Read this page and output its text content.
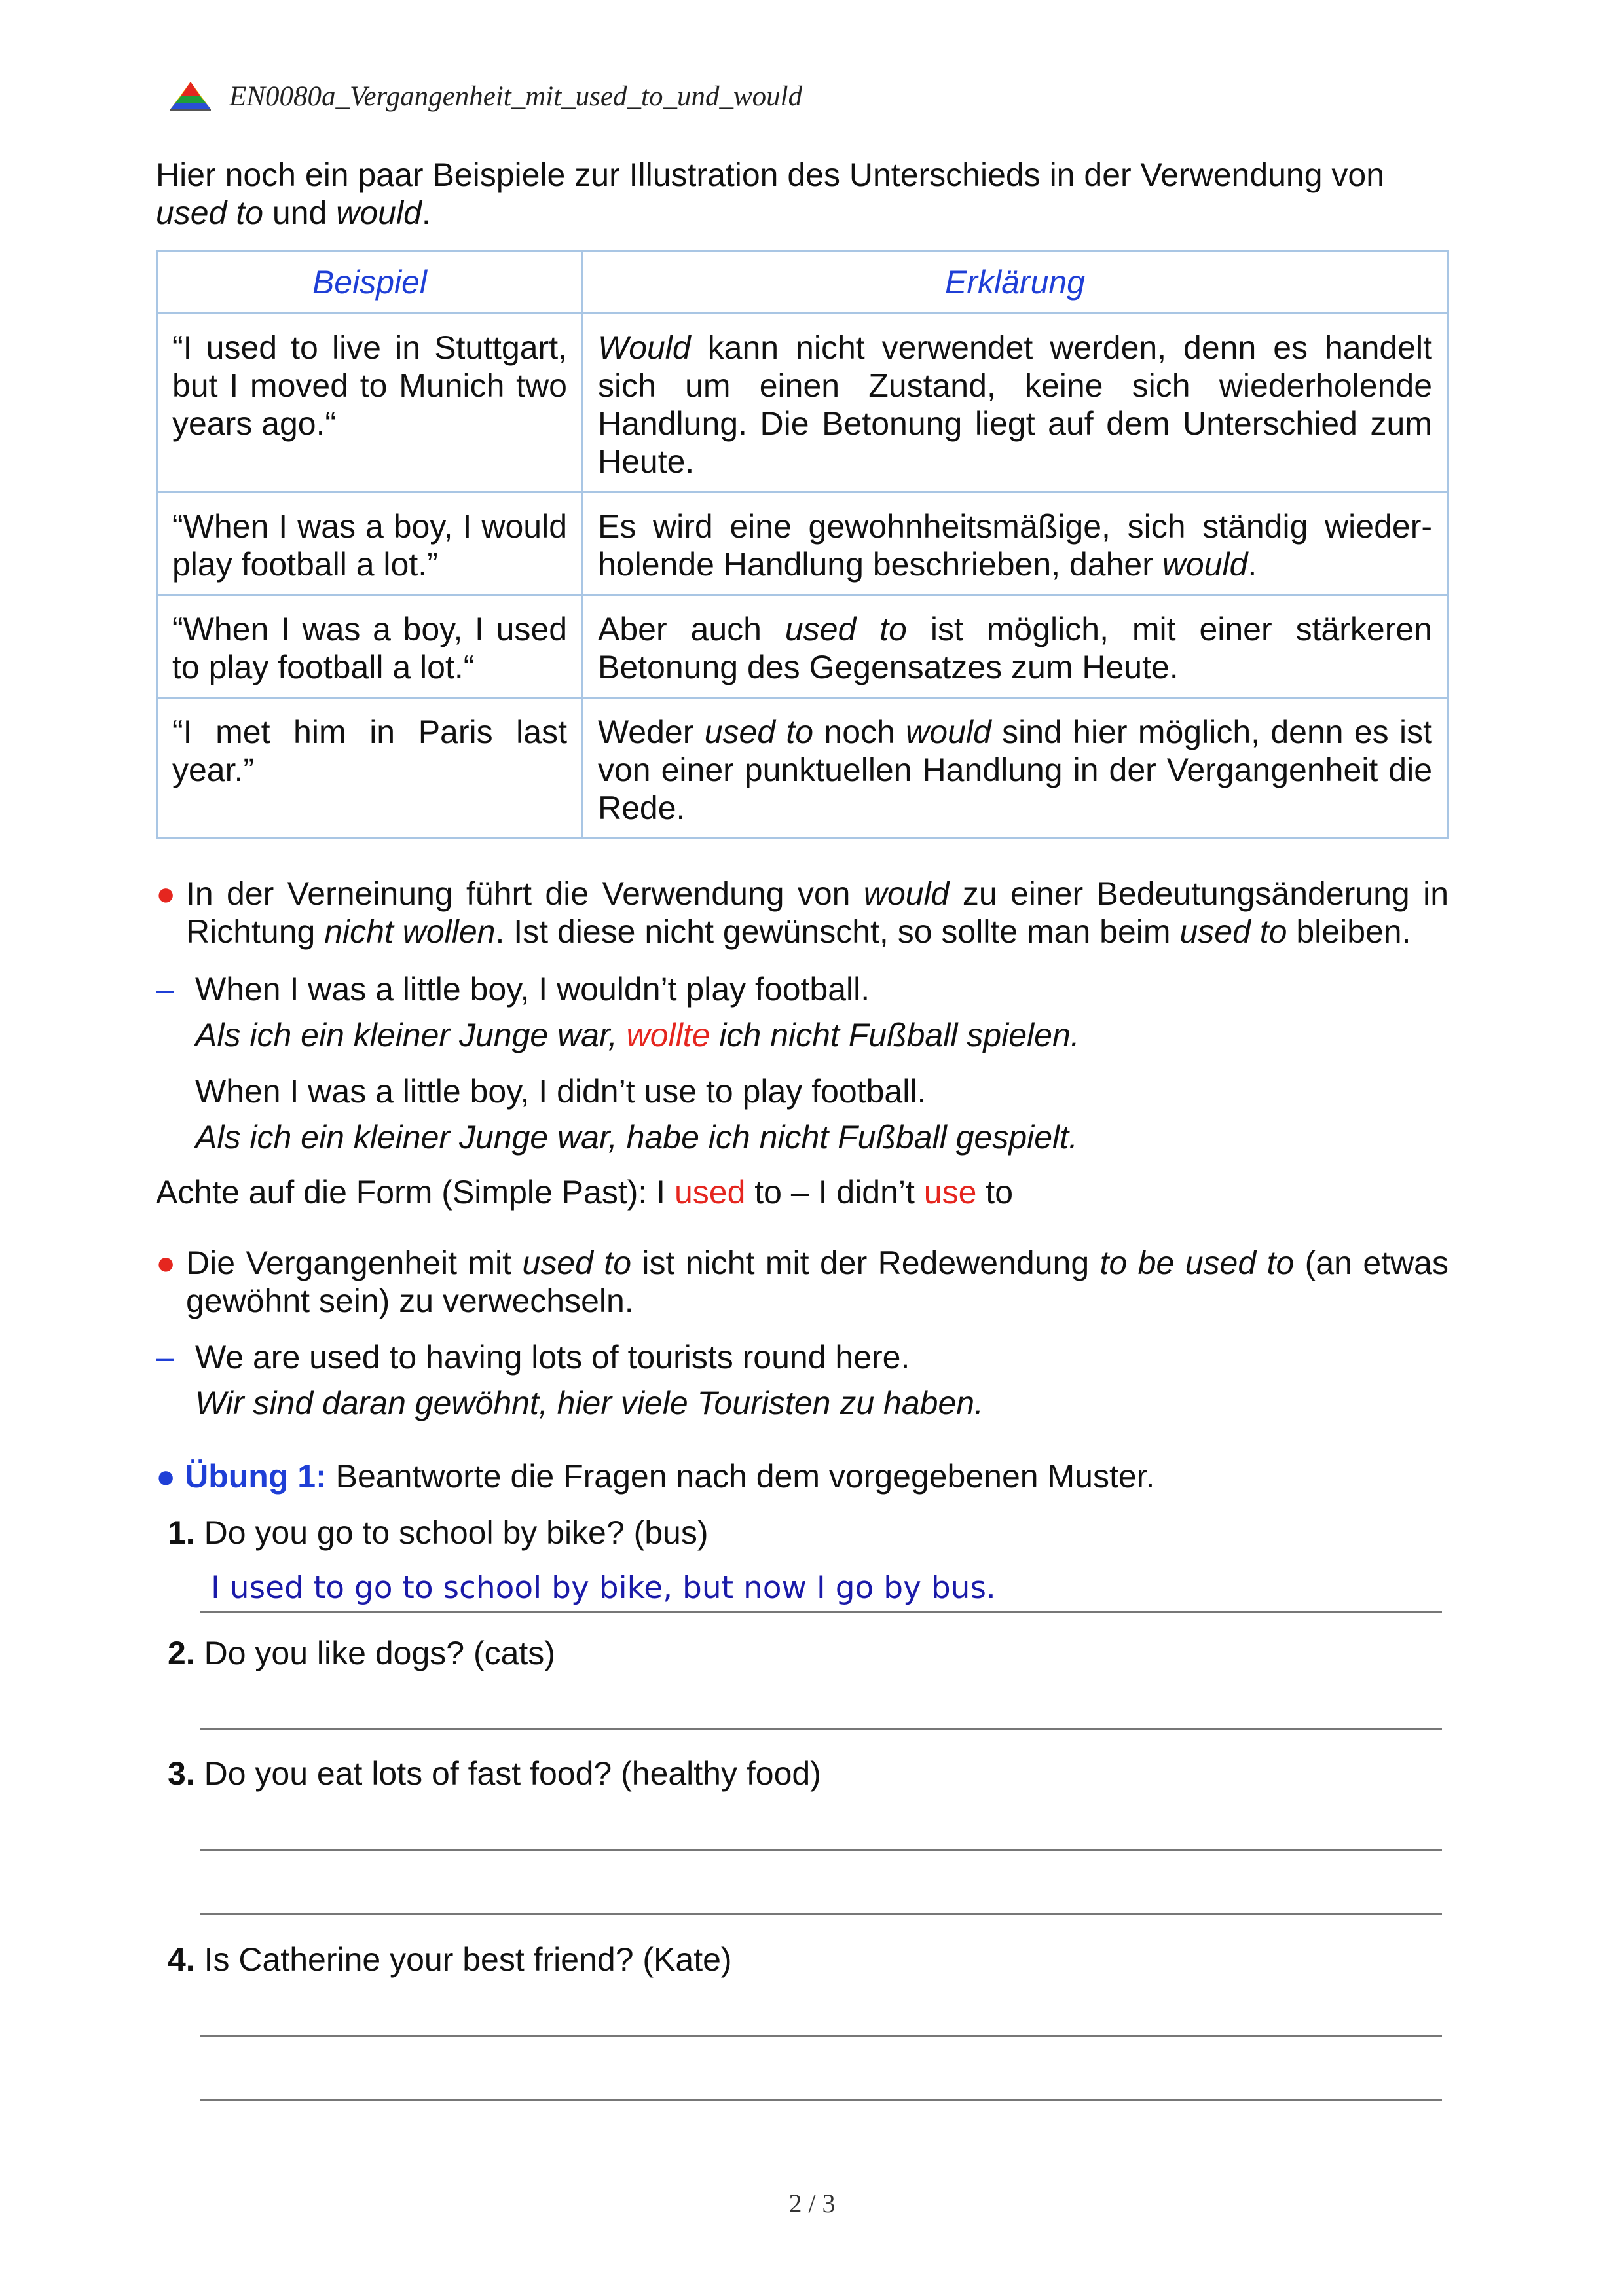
EN0080a_Vergangenheit_mit_used_to_und_would
Hier noch ein paar Beispiele zur Illustration des Unterschieds in der Verwendung von
used to und would.
Beispiel	Erklärung
“I used to live in Stuttgart, but I moved to Munich two years ago.“	Would kann nicht verwendet werden, denn es handelt sich um einen Zustand, keine sich wiederholende Handlung. Die Betonung liegt auf dem Unterschied zum Heute.
“When I was a boy, I would play football a lot.”	Es wird eine gewohnheitsmäßige, sich ständig wieder-holende Handlung beschrieben, daher would.
“When I was a boy, I used to play football a lot.“	Aber auch used to ist möglich, mit einer stärkeren Betonung des Gegensatzes zum Heute.
“I met him in Paris last year.”	Weder used to noch would sind hier möglich, denn es ist von einer punktuellen Handlung in der Vergangenheit die Rede.
● In der Verneinung führt die Verwendung von would zu einer Bedeutungsänderung in Richtung nicht wollen. Ist diese nicht gewünscht, so sollte man beim used to bleiben.
– When I was a little boy, I wouldn’t play football.
Als ich ein kleiner Junge war, wollte ich nicht Fußball spielen.
When I was a little boy, I didn’t use to play football.
Als ich ein kleiner Junge war, habe ich nicht Fußball gespielt.
Achte auf die Form (Simple Past): I used to – I didn’t use to
● Die Vergangenheit mit used to ist nicht mit der Redewendung to be used to (an etwas gewöhnt sein) zu verwechseln.
– We are used to having lots of tourists round here.
Wir sind daran gewöhnt, hier viele Touristen zu haben.
● Übung 1: Beantworte die Fragen nach dem vorgegebenen Muster.
1. Do you go to school by bike? (bus)
I used to go to school by bike, but now I go by bus.
2. Do you like dogs? (cats)
3. Do you eat lots of fast food? (healthy food)
4. Is Catherine your best friend? (Kate)
2 / 3
